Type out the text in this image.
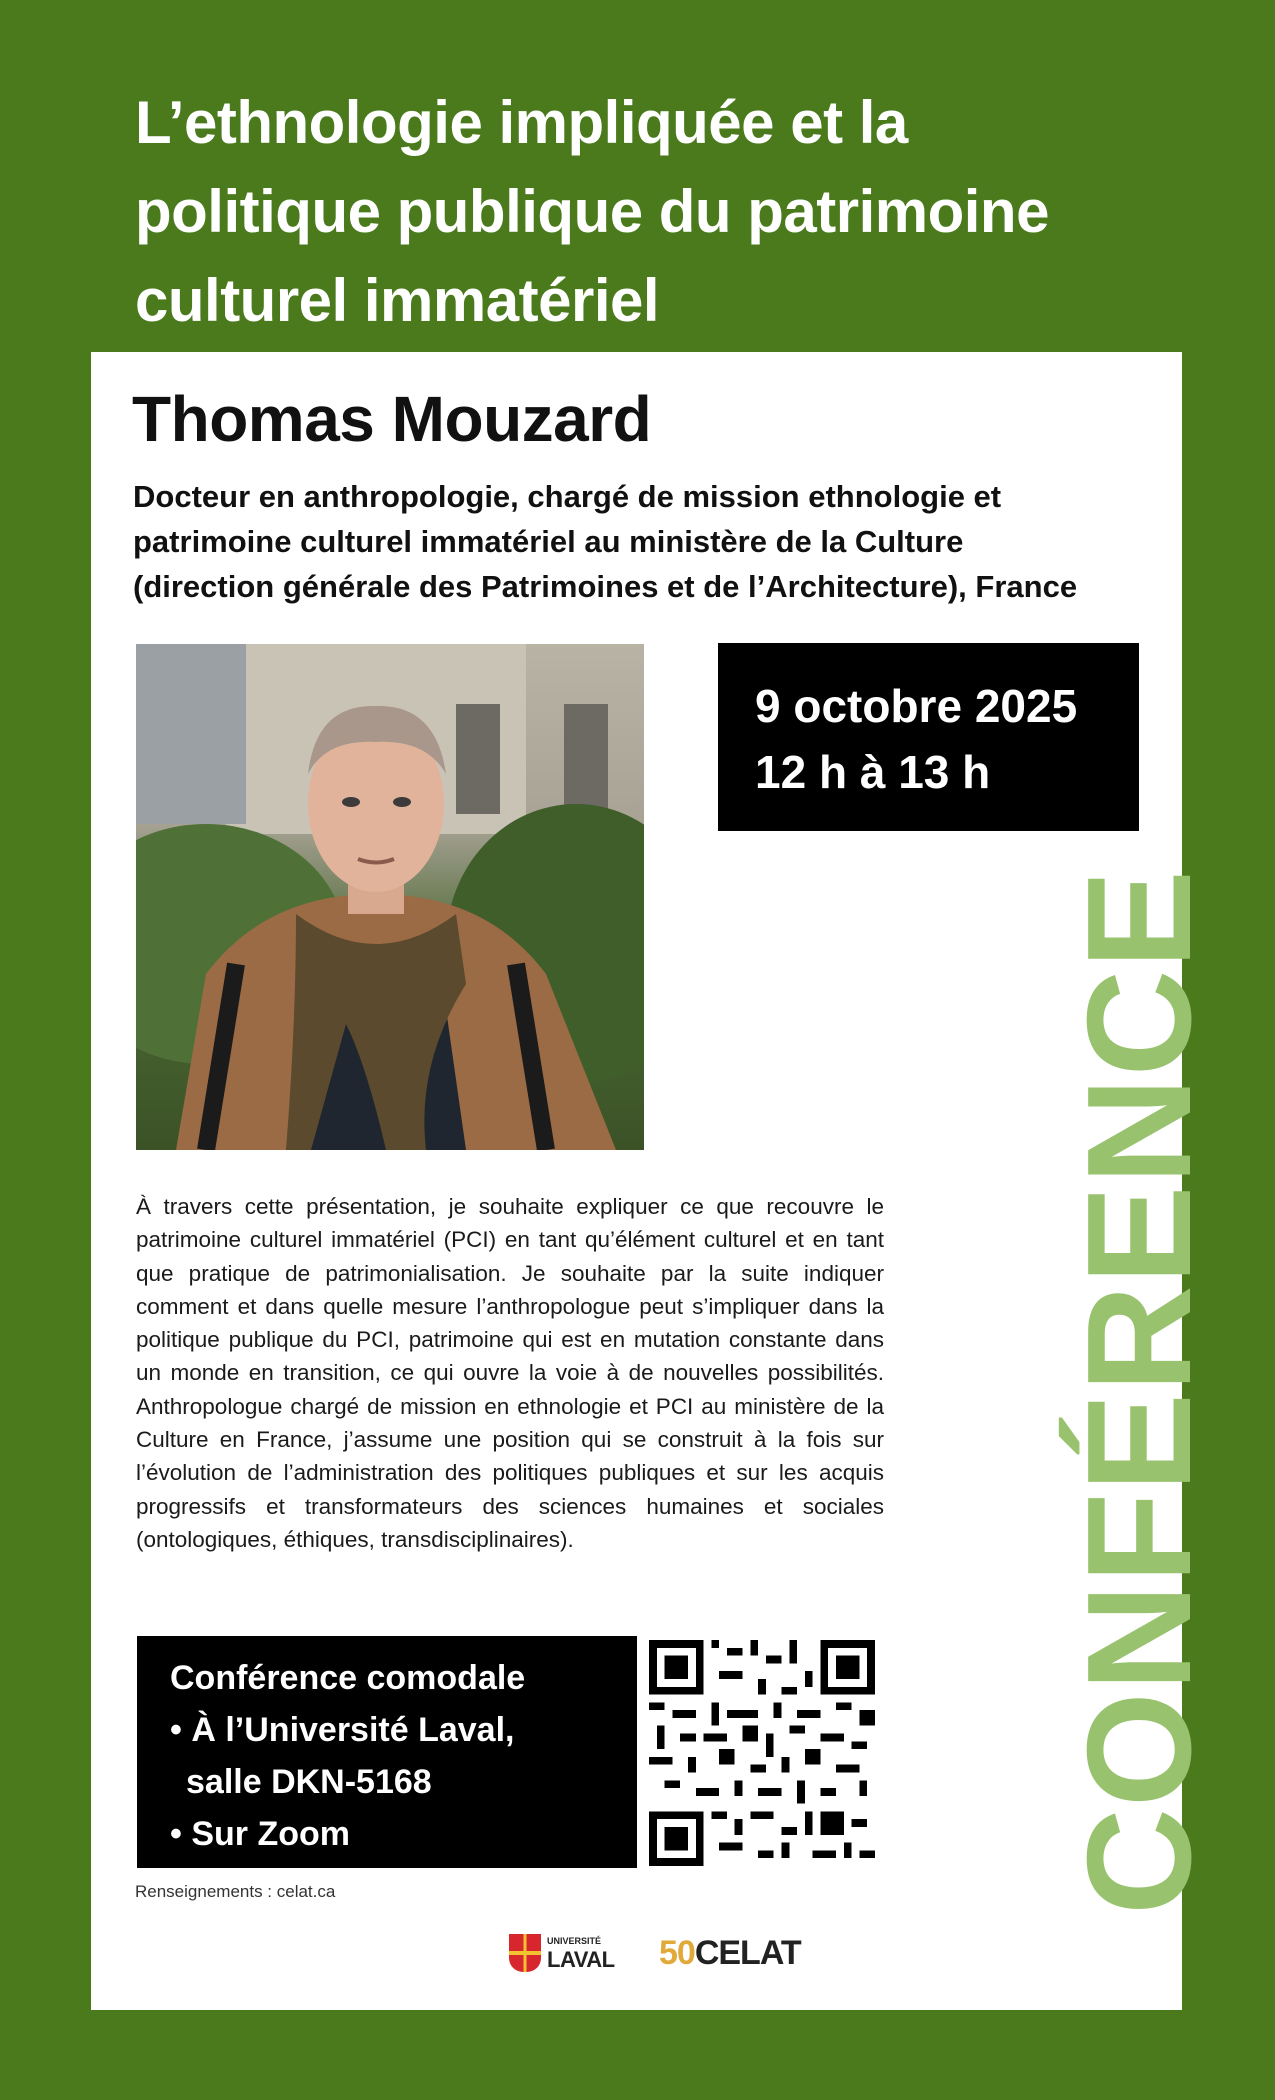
L’ethnologie impliquée et la
politique publique du patrimoine
culturel immatériel
Thomas Mouzard
Docteur en anthropologie, chargé de mission ethnologie et
patrimoine culturel immatériel au ministère de la Culture
(direction générale des Patrimoines et de l’Architecture), France
9 octobre 2025
12 h à 13 h
CONFÉRENCE

À travers cette présentation, je souhaite expliquer ce que recouvre le patrimoine culturel immatériel (PCI) en tant qu’élément culturel et en tant que pratique de patrimonialisation. Je souhaite par la suite indiquer comment et dans quelle mesure l’anthropologue peut s’impliquer dans la politique publique du PCI, patrimoine qui est en mutation constante dans un monde en transition, ce qui ouvre la voie à de nouvelles possibilités. Anthropologue chargé de mission en ethnologie et PCI au ministère de la Culture en France, j’assume une position qui se construit à la fois sur l’évolution de l’administration des politiques publiques et sur les acquis progressifs et transformateurs des sciences humaines et sociales (ontologiques, éthiques, transdisciplinaires).

Conférence comodale
• À l’Université Laval,
salle DKN-5168
• Sur Zoom
Renseignements : celat.ca
UNIVERSITÉ
LAVAL 50CELAT
